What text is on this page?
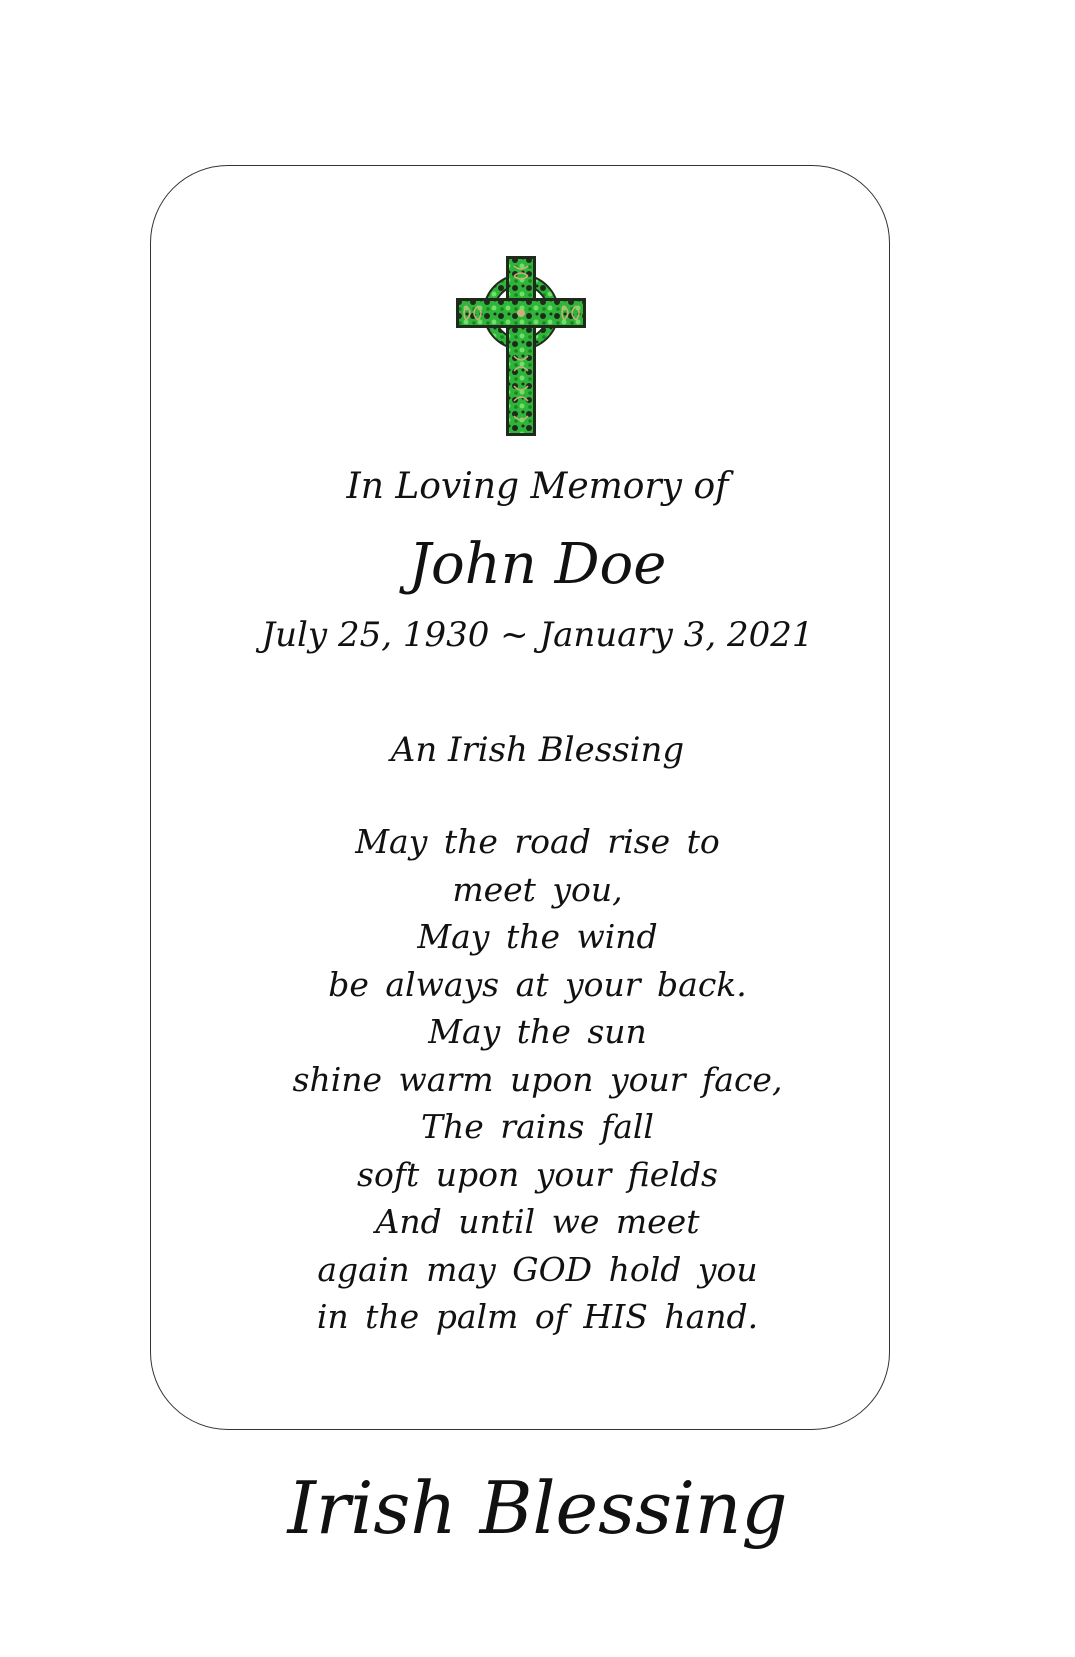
In Loving Memory of
John Doe
July 25, 1930 ~ January 3, 2021
An Irish Blessing
May the road rise to
meet you,
May the wind
be always at your back.
May the sun
shine warm upon your face,
The rains fall
soft upon your fields
And until we meet
again may GOD hold you
in the palm of HIS hand.
Irish Blessing
